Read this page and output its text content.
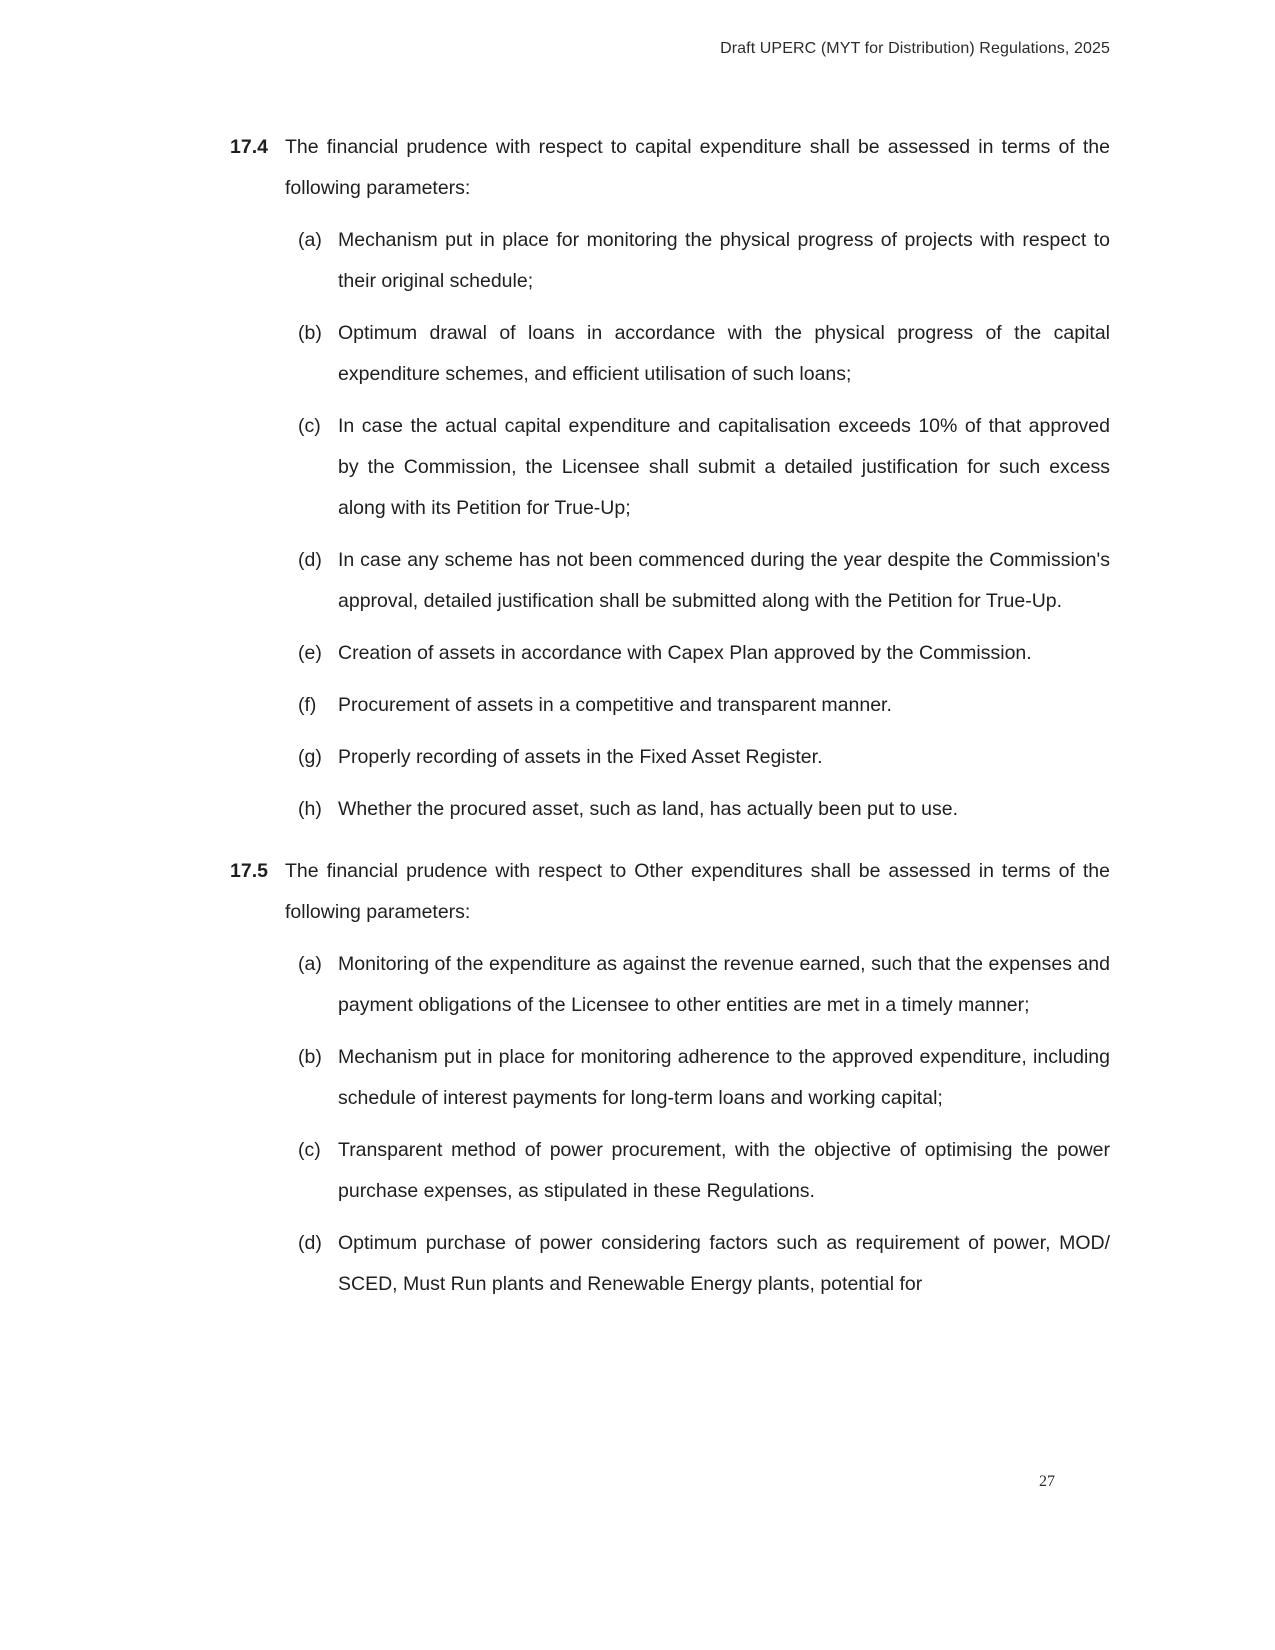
Draft UPERC (MYT for Distribution) Regulations, 2025
17.4 The financial prudence with respect to capital expenditure shall be assessed in terms of the following parameters:

(a) Mechanism put in place for monitoring the physical progress of projects with respect to their original schedule;
(b) Optimum drawal of loans in accordance with the physical progress of the capital expenditure schemes, and efficient utilisation of such loans;
(c) In case the actual capital expenditure and capitalisation exceeds 10% of that approved by the Commission, the Licensee shall submit a detailed justification for such excess along with its Petition for True-Up;
(d) In case any scheme has not been commenced during the year despite the Commission's approval, detailed justification shall be submitted along with the Petition for True-Up.
(e) Creation of assets in accordance with Capex Plan approved by the Commission.
(f)	Procurement of assets in a competitive and transparent manner.
(g) Properly recording of assets in the Fixed Asset Register.
(h) Whether the procured asset, such as land, has actually been put to use.
17.5 The financial prudence with respect to Other expenditures shall be assessed in terms of the following parameters:

(a) Monitoring of the expenditure as against the revenue earned, such that the expenses and payment obligations of the Licensee to other entities are met in a timely manner;
(b) Mechanism put in place for monitoring adherence to the approved expenditure, including schedule of interest payments for long-term loans and working capital;
(c) Transparent method of power procurement, with the objective of optimising the power purchase expenses, as stipulated in these Regulations.
(d) Optimum purchase of power considering factors such as requirement of power, MOD/ SCED, Must Run plants and Renewable Energy plants, potential for
27
